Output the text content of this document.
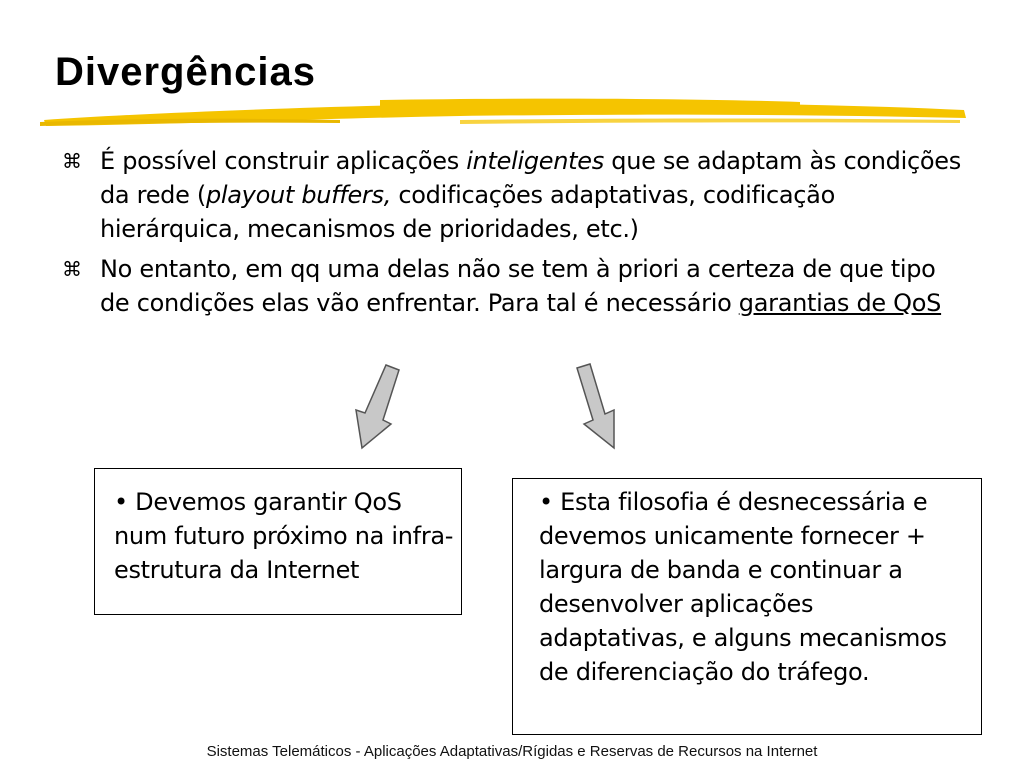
Divergências
⌘ É possível construir aplicações inteligentes que se adaptam às condições da rede (playout buffers, codificações adaptativas, codificação hierárquica, mecanismos de prioridades, etc.)
⌘ No entanto, em qq uma delas não se tem à priori a certeza de que tipo de condições elas vão enfrentar. Para tal é necessário garantias de QoS
• Devemos garantir QoS num futuro próximo na infra-estrutura da Internet
• Esta filosofia é desnecessária e devemos unicamente fornecer + largura de banda e continuar a desenvolver aplicações adaptativas, e alguns mecanismos de diferenciação do tráfego.
Sistemas Telemáticos - Aplicações Adaptativas/Rígidas e Reservas de Recursos na Internet
